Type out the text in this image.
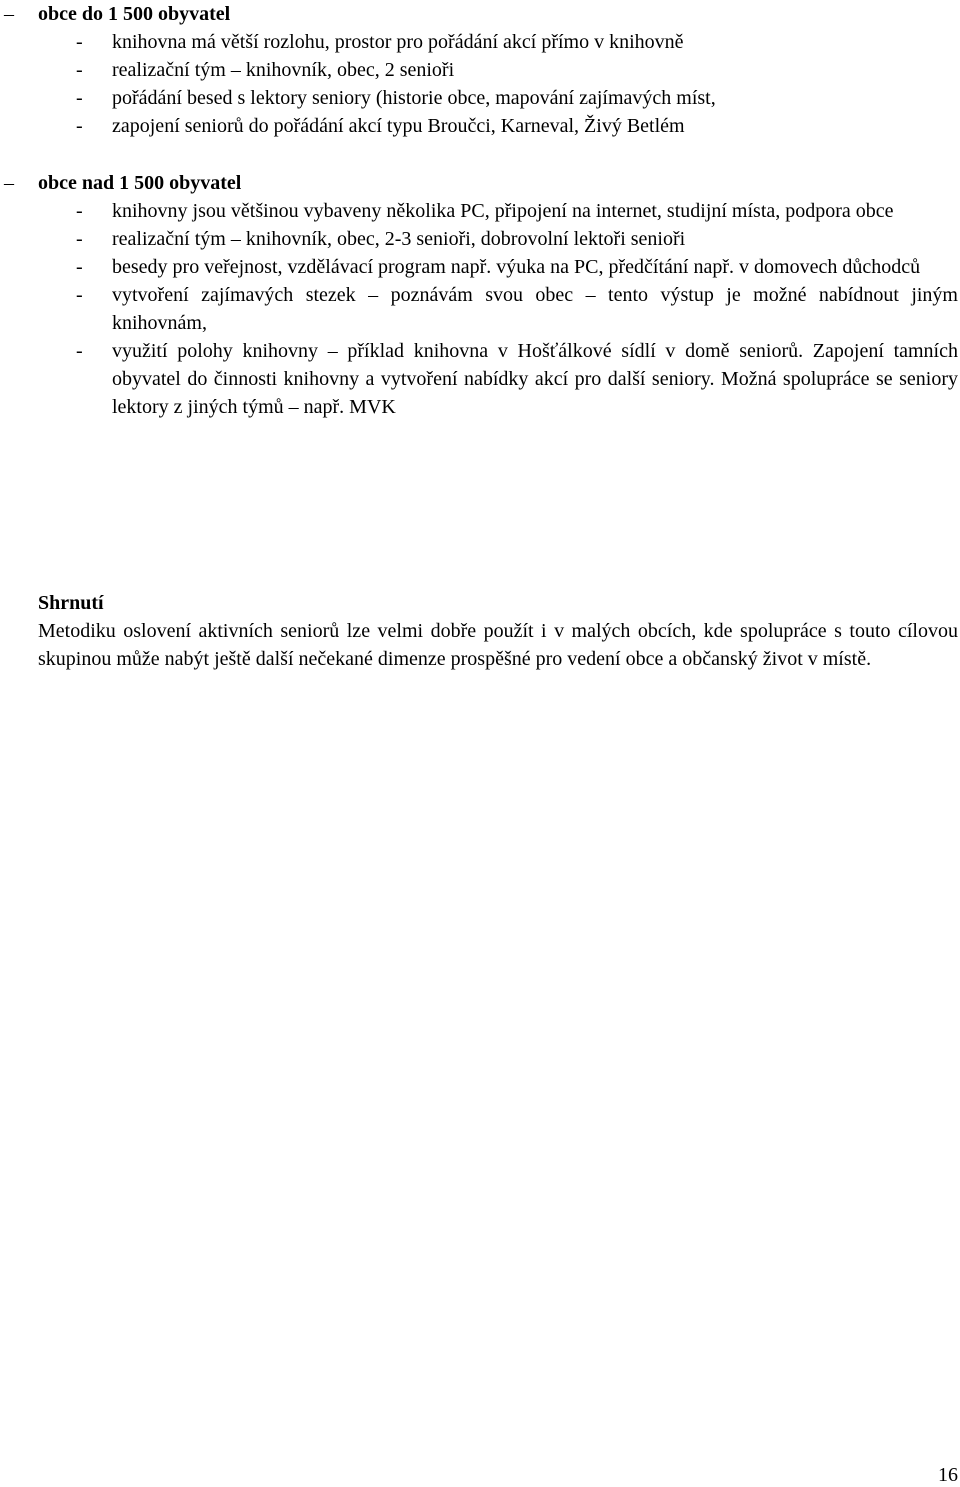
–	obce do 1 500 obyvatel
- knihovna má větší rozlohu, prostor pro pořádání akcí přímo v knihovně
- realizační tým – knihovník, obec, 2 senioři
- pořádání besed s lektory seniory (historie obce, mapování zajímavých míst,
- zapojení seniorů do pořádání akcí typu Broučci, Karneval, Živý Betlém
–	obce nad 1 500 obyvatel
- knihovny jsou většinou vybaveny několika PC, připojení na internet, studijní místa, podpora obce
- realizační tým – knihovník, obec, 2-3 senioři, dobrovolní lektoři senioři
- besedy pro veřejnost, vzdělávací program např. výuka na PC, předčítání např. v domovech důchodců
- vytvoření zajímavých stezek – poznávám svou obec – tento výstup je možné nabídnout jiným knihovnám,
- využití polohy knihovny – příklad knihovna v Hošťálkové sídlí v domě seniorů. Zapojení tamních obyvatel do činnosti knihovny a vytvoření nabídky akcí pro další seniory. Možná spolupráce se seniory lektory z jiných týmů – např. MVK
Shrnutí
Metodiku oslovení aktivních seniorů lze velmi dobře použít i v malých obcích, kde spolupráce s touto cílovou skupinou může nabýt ještě další nečekané dimenze prospěšné pro vedení obce a občanský život v místě.
16
